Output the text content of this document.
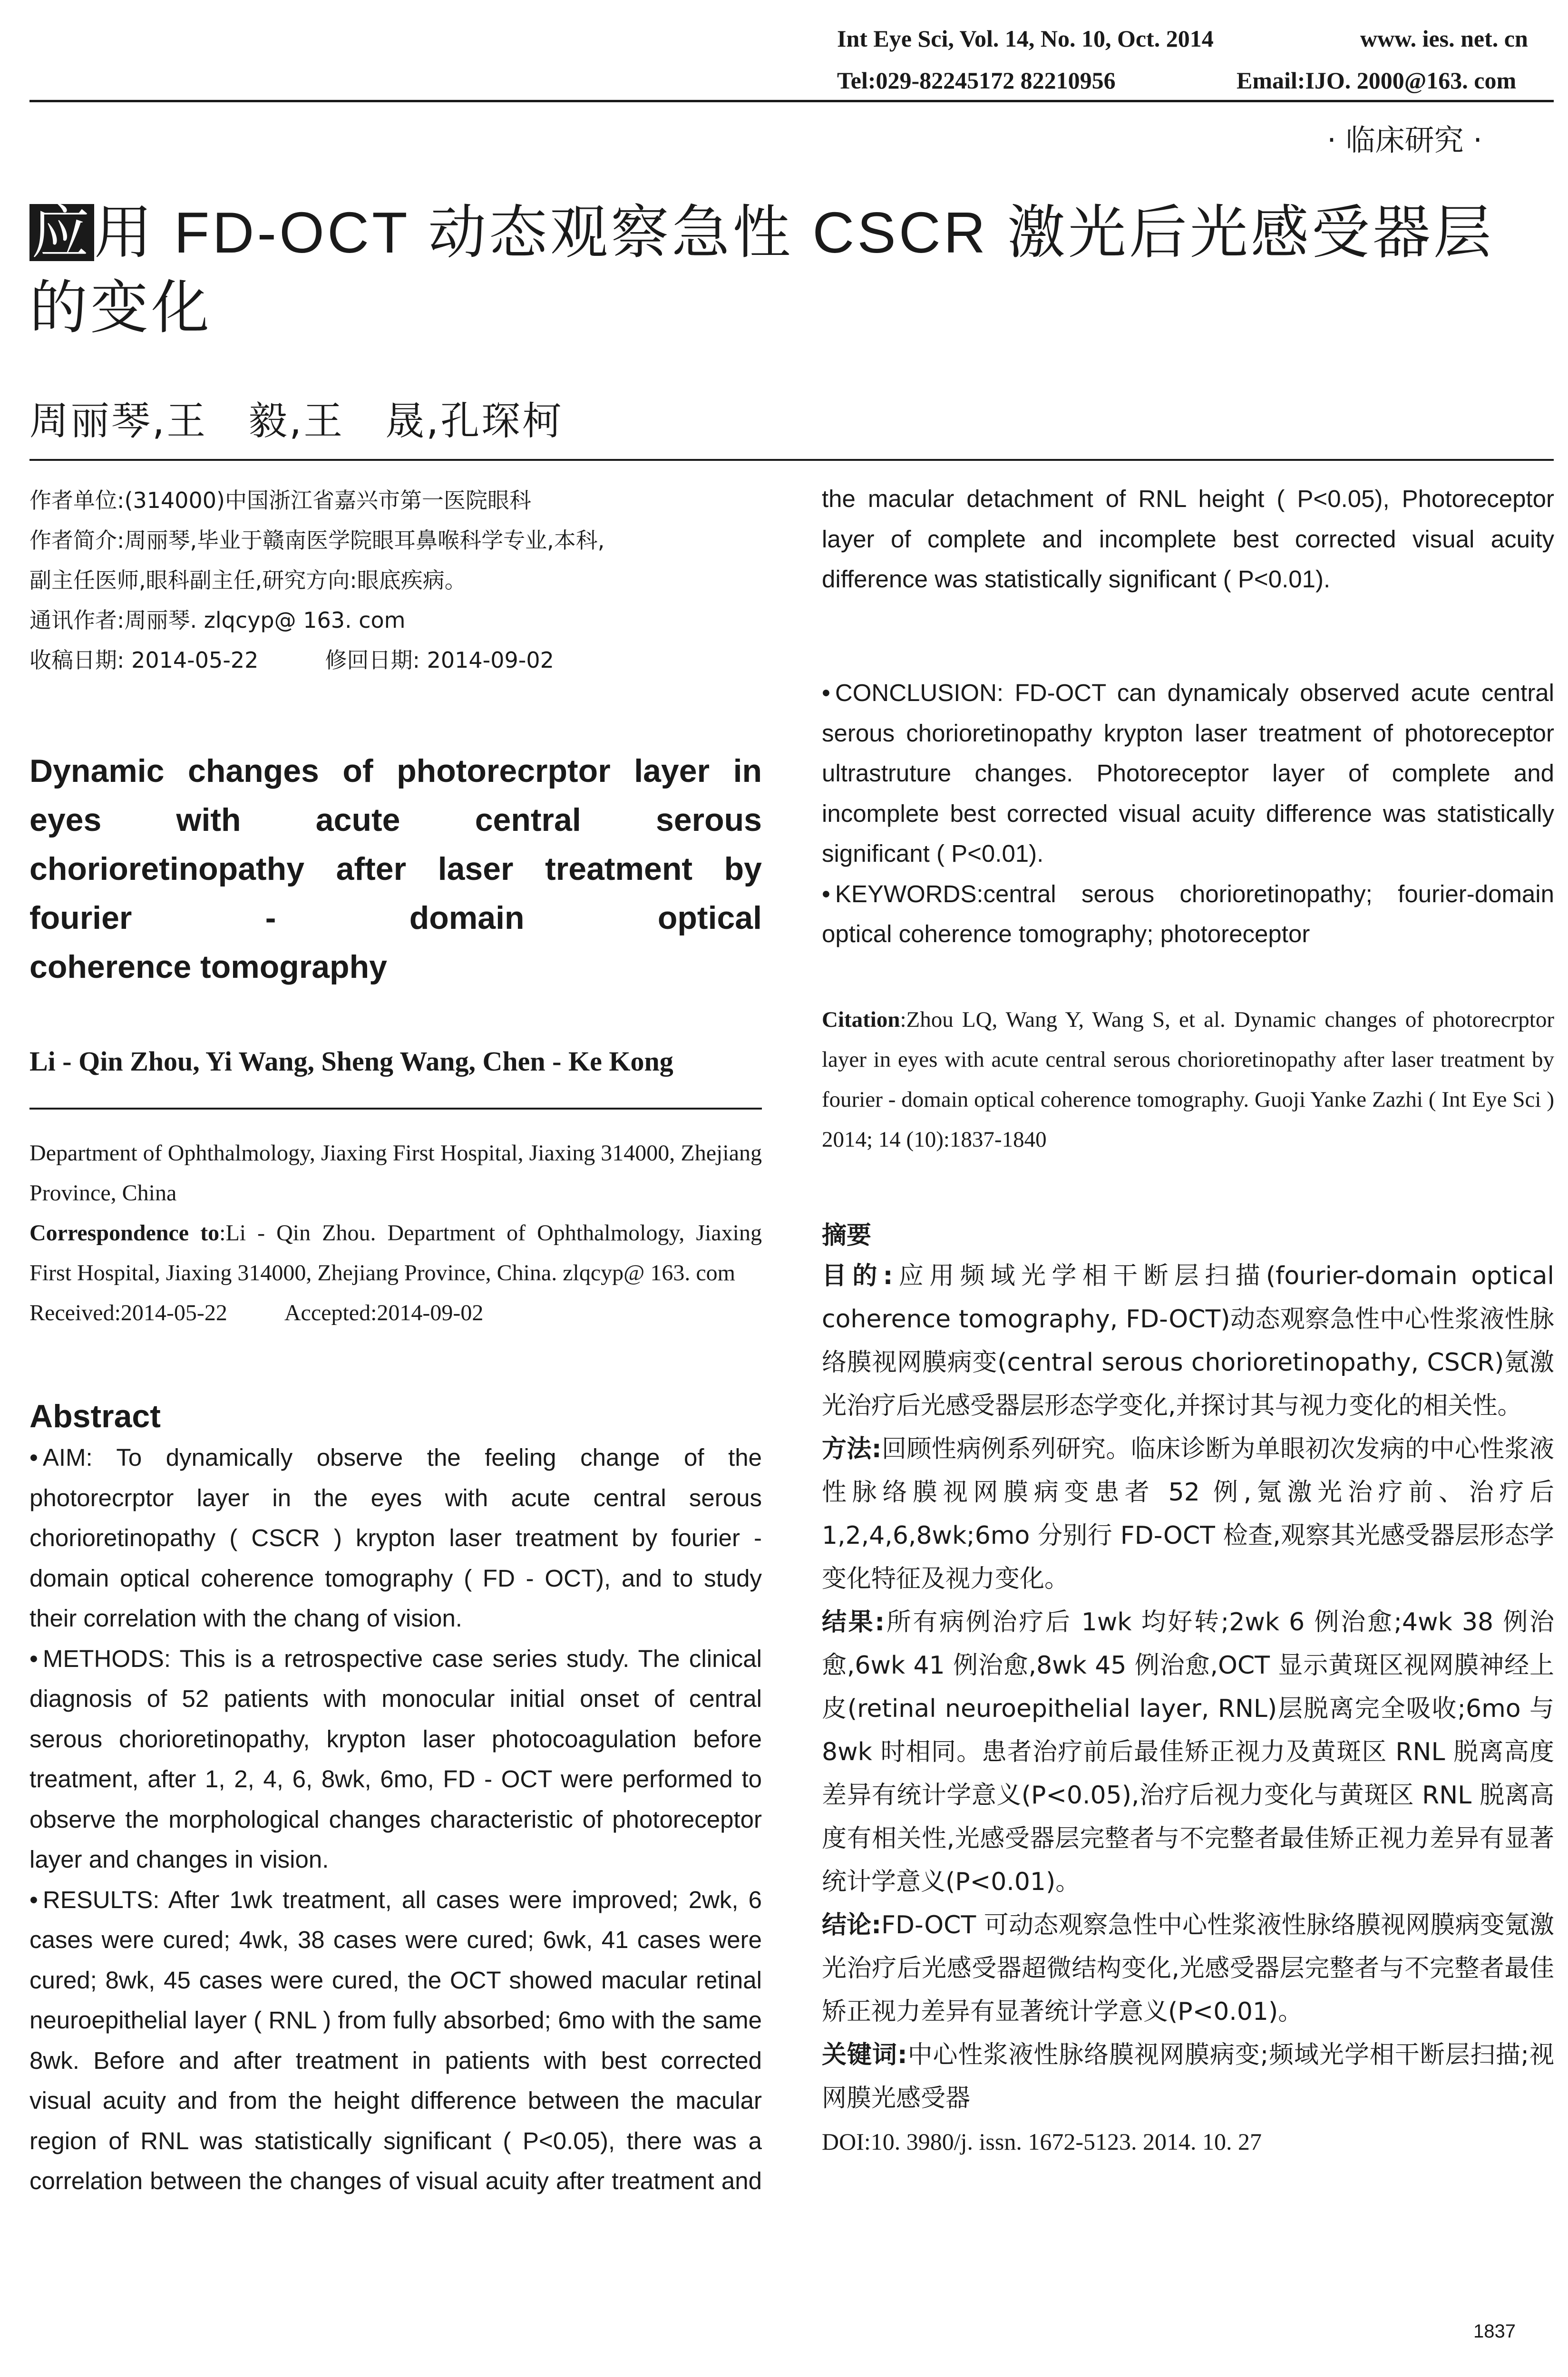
Int Eye Sci, Vol. 14, No. 10, Oct. 2014	www. ies. net. cn
Tel:029-82245172 82210956	Email:IJO. 2000@163. com
· 临床研究 ·
应用 FD-OCT 动态观察急性 CSCR 激光后光感受器层的变化
周丽琴,王　毅,王　晟,孔琛柯
作者单位:(314000)中国浙江省嘉兴市第一医院眼科
作者简介:周丽琴,毕业于赣南医学院眼耳鼻喉科学专业,本科,
副主任医师,眼科副主任,研究方向:眼底疾病。
通讯作者:周丽琴. zlqcyp@ 163. com
收稿日期: 2014-05-22	修回日期: 2014-09-02
Dynamic changes of photorecrptor layer in
eyes with acute central serous
chorioretinopathy after laser treatment by
fourier - domain optical
coherence tomography
Li - Qin Zhou, Yi Wang, Sheng Wang, Chen - Ke Kong
Department of Ophthalmology, Jiaxing First Hospital, Jiaxing 314000, Zhejiang Province, China
Correspondence to:Li - Qin Zhou. Department of Ophthalmology, Jiaxing First Hospital, Jiaxing 314000, Zhejiang Province, China. zlqcyp@ 163. com
Received:2014-05-22	Accepted:2014-09-02
Abstract

• AIM: To dynamically observe the feeling change of the photorecrptor layer in the eyes with acute central serous chorioretinopathy ( CSCR ) krypton laser treatment by fourier - domain optical coherence tomography ( FD - OCT), and to study their correlation with the chang of vision.

• METHODS: This is a retrospective case series study. The clinical diagnosis of 52 patients with monocular initial onset of central serous chorioretinopathy, krypton laser photocoagulation before treatment, after 1, 2, 4, 6, 8wk, 6mo, FD - OCT were performed to observe the morphological changes characteristic of photoreceptor layer and changes in vision.

• RESULTS: After 1wk treatment, all cases were improved; 2wk, 6 cases were cured; 4wk, 38 cases were cured; 6wk, 41 cases were cured; 8wk, 45 cases were cured, the OCT showed macular retinal neuroepithelial layer ( RNL ) from fully absorbed; 6mo with the same 8wk. Before and after treatment in patients with best corrected visual acuity and from the height difference between the macular region of RNL was statistically significant ( P<0.05), there was a correlation between the changes of visual acuity after treatment and

the macular detachment of RNL height ( P<0.05), Photoreceptor layer of complete and incomplete best corrected visual acuity difference was statistically significant ( P<0.01).

• CONCLUSION: FD-OCT can dynamicaly observed acute central serous chorioretinopathy krypton laser treatment of photoreceptor ultrastruture changes. Photoreceptor layer of complete and incomplete best corrected visual acuity difference was statistically significant ( P<0.01).

• KEYWORDS:central serous chorioretinopathy; fourier-domain optical coherence tomography; photoreceptor

Citation:Zhou LQ, Wang Y, Wang S, et al. Dynamic changes of photorecrptor layer in eyes with acute central serous chorioretinopathy after laser treatment by fourier - domain optical coherence tomography. Guoji Yanke Zazhi ( Int Eye Sci ) 2014; 14 (10):1837-1840
摘要

目的:应用频域光学相干断层扫描(fourier-domain optical coherence tomography, FD-OCT)动态观察急性中心性浆液性脉络膜视网膜病变(central serous chorioretinopathy, CSCR)氪激光治疗后光感受器层形态学变化,并探讨其与视力变化的相关性。

方法:回顾性病例系列研究。临床诊断为单眼初次发病的中心性浆液性脉络膜视网膜病变患者 52 例,氪激光治疗前、治疗后 1,2,4,6,8wk;6mo 分别行 FD-OCT 检查,观察其光感受器层形态学变化特征及视力变化。

结果:所有病例治疗后 1wk 均好转;2wk 6 例治愈;4wk 38 例治愈,6wk 41 例治愈,8wk 45 例治愈,OCT 显示黄斑区视网膜神经上皮(retinal neuroepithelial layer, RNL)层脱离完全吸收;6mo 与 8wk 时相同。患者治疗前后最佳矫正视力及黄斑区 RNL 脱离高度差异有统计学意义(P<0.05),治疗后视力变化与黄斑区 RNL 脱离高度有相关性,光感受器层完整者与不完整者最佳矫正视力差异有显著统计学意义(P<0.01)。

结论:FD-OCT 可动态观察急性中心性浆液性脉络膜视网膜病变氪激光治疗后光感受器超微结构变化,光感受器层完整者与不完整者最佳矫正视力差异有显著统计学意义(P<0.01)。

关键词:中心性浆液性脉络膜视网膜病变;频域光学相干断层扫描;视网膜光感受器

DOI:10. 3980/j. issn. 1672-5123. 2014. 10. 27
1837
